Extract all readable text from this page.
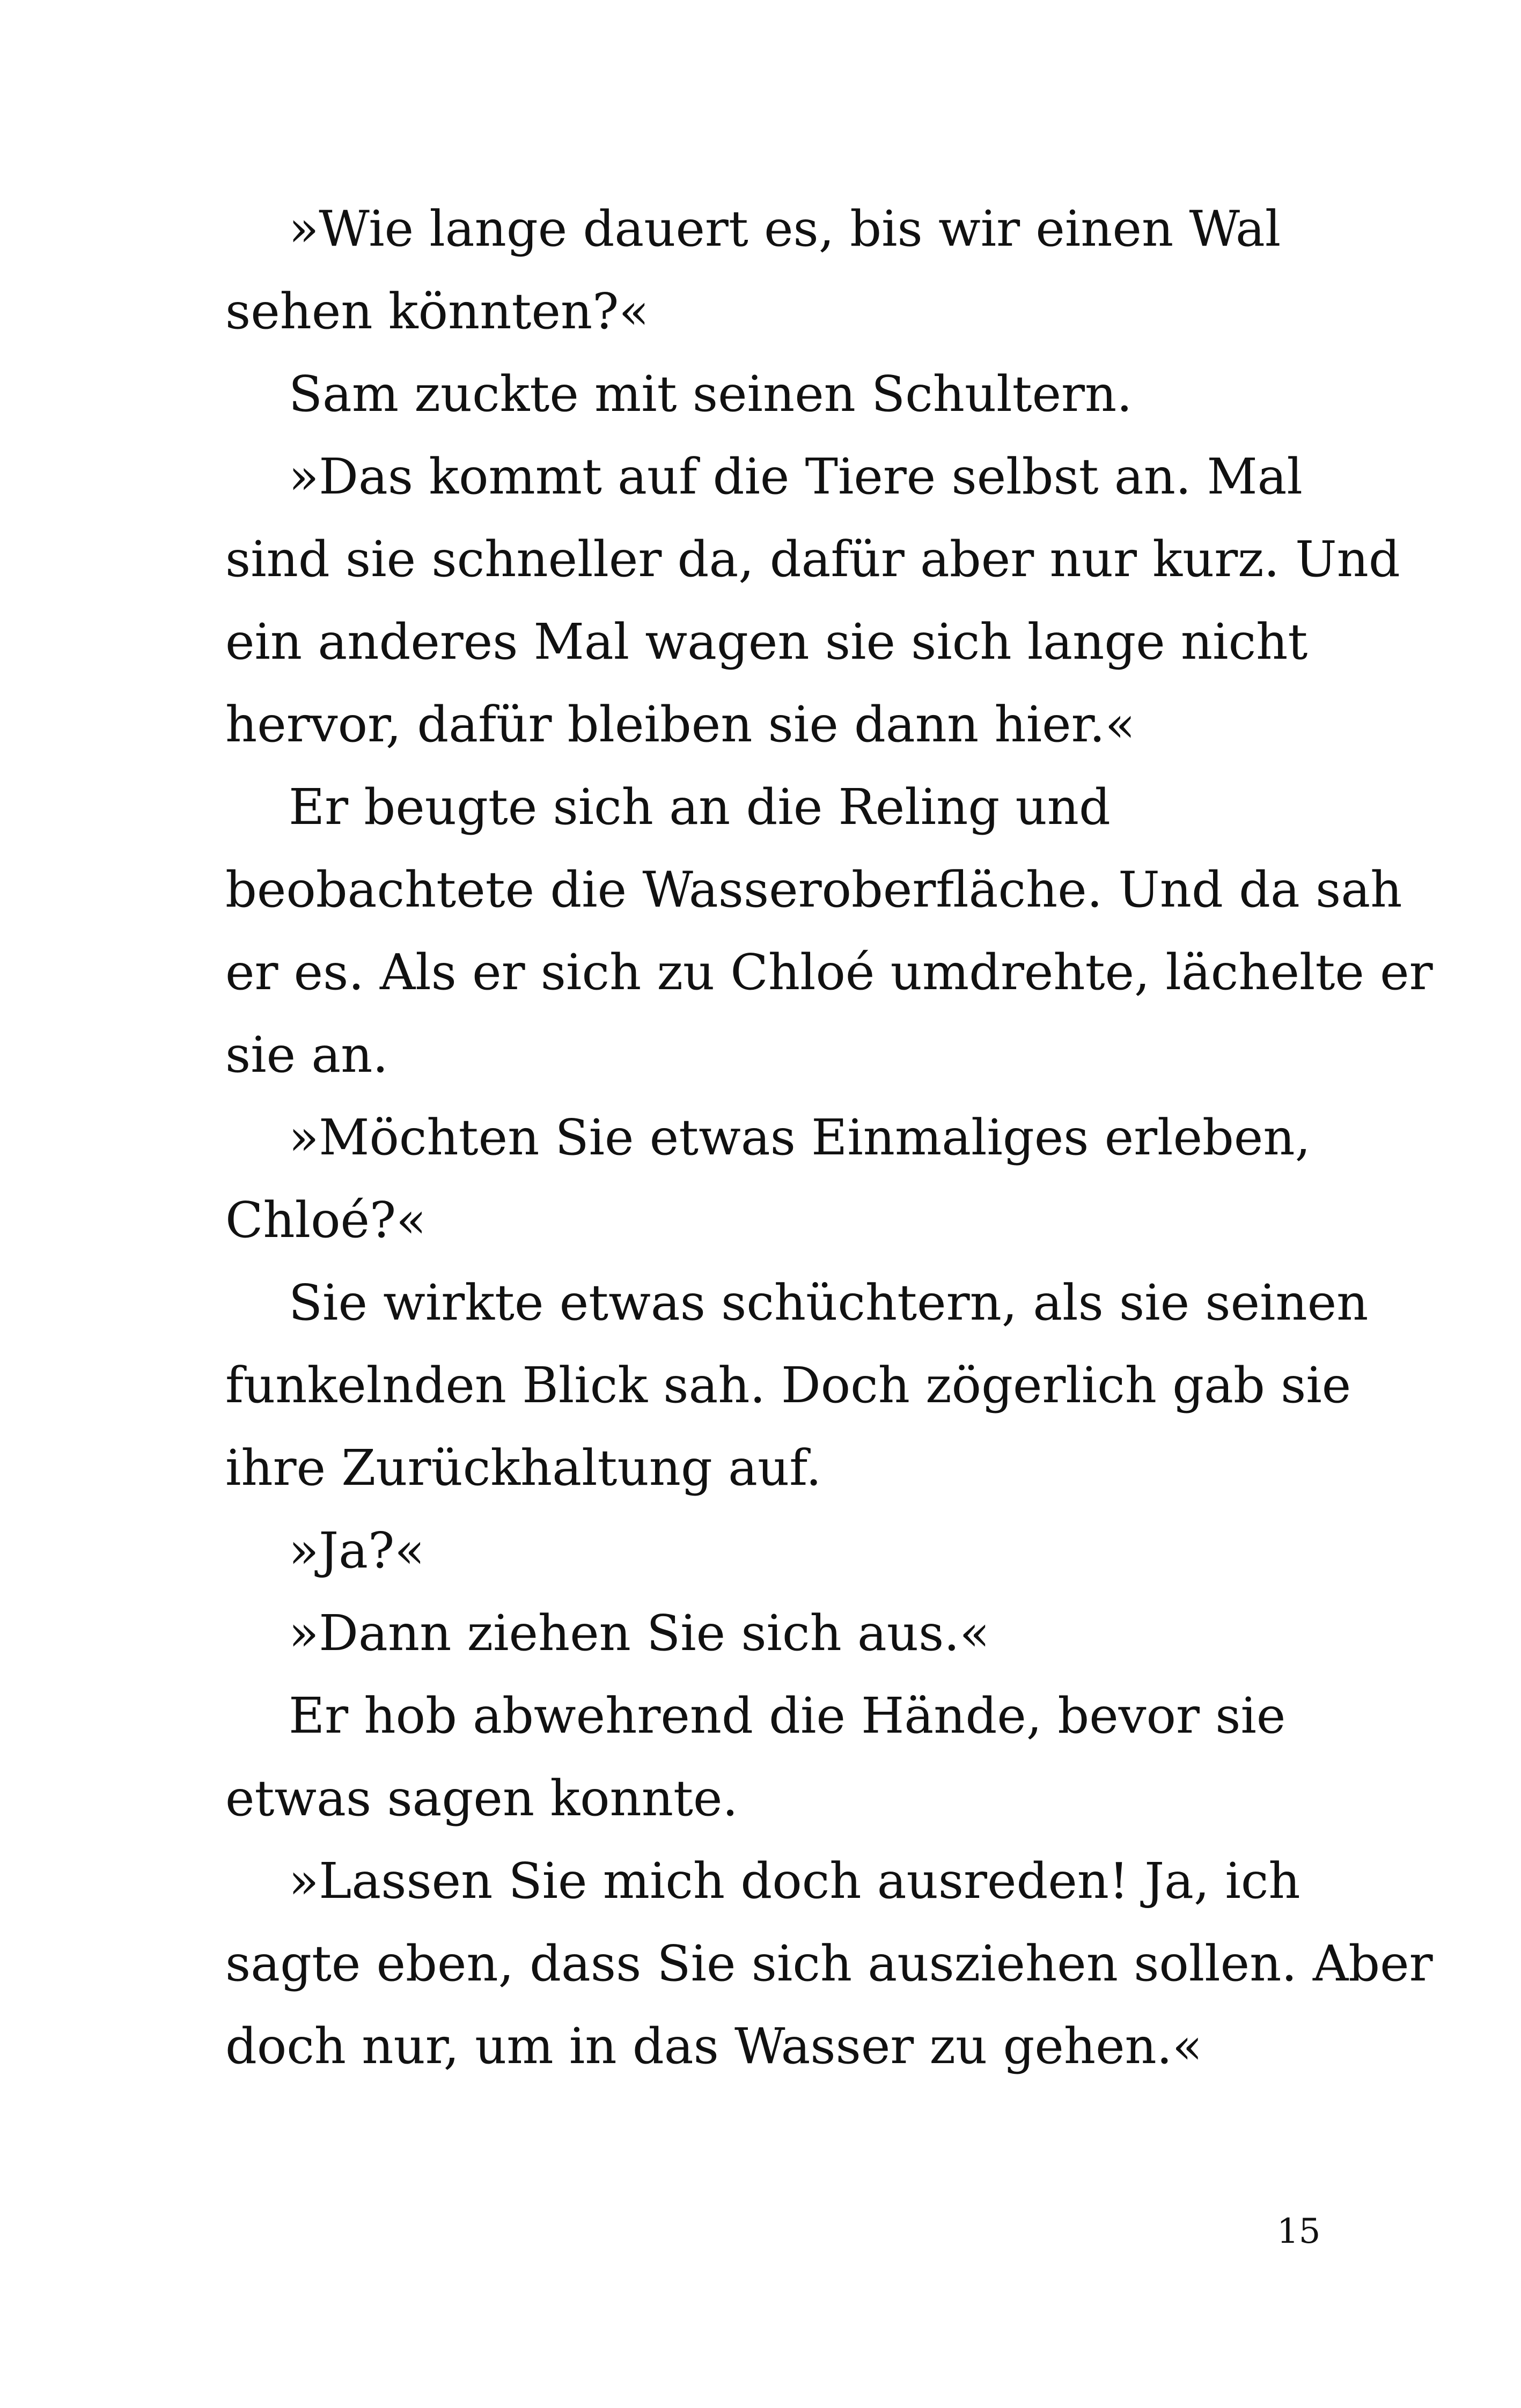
»Wie lange dauert es, bis wir einen Wal
sehen könnten?«
Sam zuckte mit seinen Schultern.
»Das kommt auf die Tiere selbst an. Mal
sind sie schneller da, dafür aber nur kurz. Und
ein anderes Mal wagen sie sich lange nicht
hervor, dafür bleiben sie dann hier.«
Er beugte sich an die Reling und
beobachtete die Wasseroberfläche. Und da sah
er es. Als er sich zu Chloé umdrehte, lächelte er
sie an.
»Möchten Sie etwas Einmaliges erleben,
Chloé?«
Sie wirkte etwas schüchtern, als sie seinen
funkelnden Blick sah. Doch zögerlich gab sie
ihre Zurückhaltung auf.
»Ja?«
»Dann ziehen Sie sich aus.«
Er hob abwehrend die Hände, bevor sie
etwas sagen konnte.
»Lassen Sie mich doch ausreden! Ja, ich
sagte eben, dass Sie sich ausziehen sollen. Aber
doch nur, um in das Wasser zu gehen.«
15
